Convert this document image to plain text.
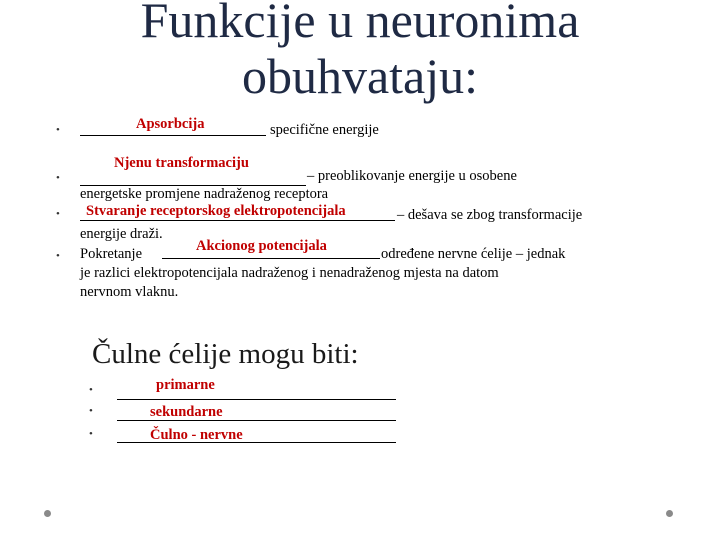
Funkcije u neuronima
obuhvataju:
•	Apsorbcija	specifične energije
•
Njenu transformaciju
– preoblikovanje energije u osobene
energetske promjene nadraženog receptora
• Stvaranje receptorskog elektropotencijala	– dešava se zbog transformacije
energije draži.
• Pokretanje	Akcionog potencijala	određene nervne ćelije – jednak
je razlici elektropotencijala nadraženog i nenadraženog mjesta na datom
nervnom vlaknu.
Čulne ćelije mogu biti:
•	primarne
•	sekundarne
•	Čulno - nervne
